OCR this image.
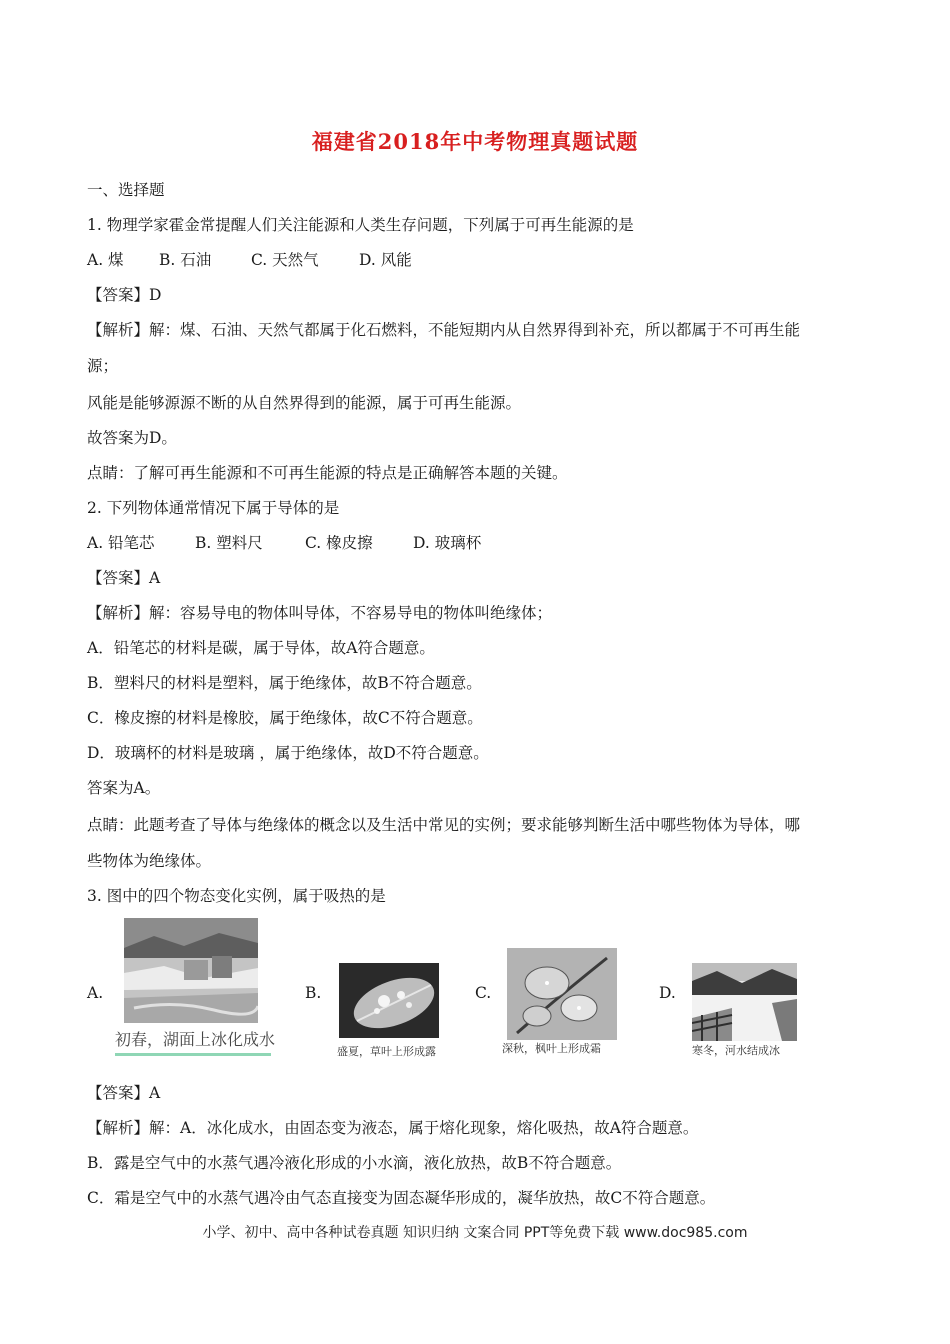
福建省2018年中考物理真题试题
一、选择题
1. 物理学家霍金常提醒人们关注能源和人类生存问题，下列属于可再生能源的是
A. 煤 B. 石油	C. 天然气	D. 风能
【答案】D
【解析】解：煤、石油、天然气都属于化石燃料，不能短期内从自然界得到补充，所以都属于不可再生能
源；
风能是能够源源不断的从自然界得到的能源，属于可再生能源。
故答案为D。
点睛：了解可再生能源和不可再生能源的特点是正确解答本题的关键。
2. 下列物体通常情况下属于导体的是
A. 铅笔芯	B. 塑料尺	C. 橡皮擦	D. 玻璃杯
【答案】A
【解析】解：容易导电的物体叫导体，不容易导电的物体叫绝缘体；
A．铅笔芯的材料是碳，属于导体，故A符合题意。
B．塑料尺的材料是塑料，属于绝缘体，故B不符合题意。
C．橡皮擦的材料是橡胶，属于绝缘体，故C不符合题意。
D．玻璃杯的材料是玻璃 ，属于绝缘体，故D不符合题意。
答案为A。
点睛：此题考查了导体与绝缘体的概念以及生活中常见的实例；要求能够判断生活中哪些物体为导体，哪
些物体为绝缘体。
3. 图中的四个物态变化实例，属于吸热的是
A.
初春，湖面上冰化成水
B.
盛夏，草叶上形成露
C.
深秋，枫叶上形成霜
D.
寒冬，河水结成冰
【答案】A
【解析】解：A．冰化成水，由固态变为液态，属于熔化现象，熔化吸热，故A符合题意。
B．露是空气中的水蒸气遇冷液化形成的小水滴，液化放热，故B不符合题意。
C．霜是空气中的水蒸气遇冷由气态直接变为固态凝华形成的，凝华放热，故C不符合题意。
小学、初中、高中各种试卷真题 知识归纳 文案合同 PPT等免费下载 www.doc985.com
